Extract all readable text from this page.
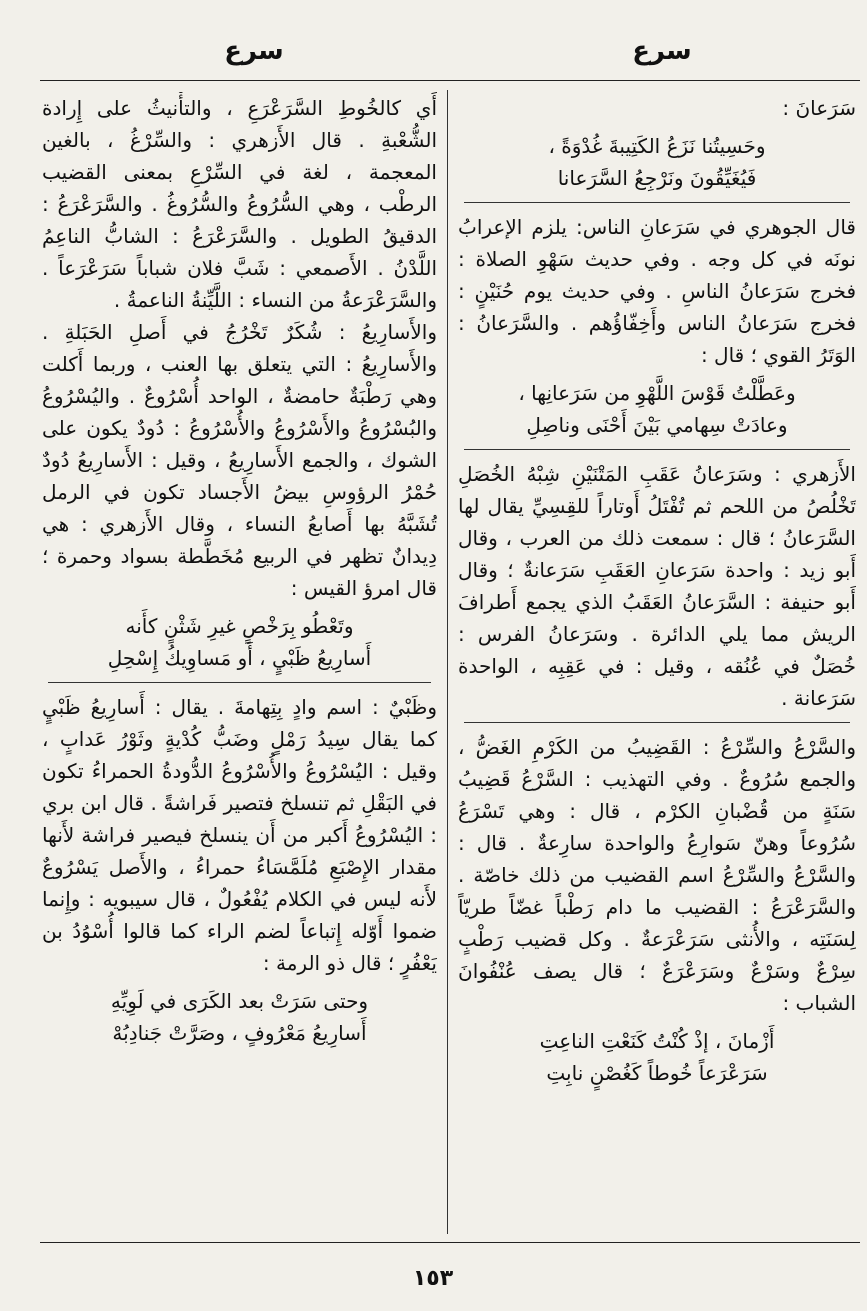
سرع	سرع

سَرَعانَ :

وحَسِيتُنا نَزَعُ الكَتِيبةَ غُدْوَةً ،
فَيُغَيِّقُونَ ونَرْجِعُ السَّرَعانا

قال الجوهري في سَرَعانِ الناس: يلزم الإعرابُ نونَه في كل وجه . وفي حديث سَهْوِ الصلاة : فخرج سَرَعانُ الناسِ . وفي حديث يوم حُنَيْنٍ : فخرج سَرَعانُ الناس وأَخِفّاؤُهم . والسَّرَعانُ : الوَتَرُ القوي ؛ قال :

وعَطَّلْتُ قَوْسَ اللَّهْوِ من سَرَعانِها ،
وعادَتْ سِهامي بَيْنَ أَحْنَى وناصِلِ

الأَزهري : وسَرَعانُ عَقَبِ المَتْنَيْنِ شِبْهُ الخُصَلِ تَخْلُصُ من اللحم ثم تُفْتَلُ أَوتاراً للقِسِيِّ يقال لها السَّرَعانُ ؛ قال : سمعت ذلك من العرب ، وقال أَبو زيد : واحدة سَرَعانِ العَقَبِ سَرَعانةٌ ؛ وقال أَبو حنيفة : السَّرَعانُ العَقَبُ الذي يجمع أَطرافَ الريش مما يلي الدائرة . وسَرَعانُ الفرس : خُصَلٌ في عُنُقه ، وقيل : في عَقِبِه ، الواحدة سَرَعانة .

والسَّرْعُ والسِّرْعُ : القَضِيبُ من الكَرْمِ الغَضُّ ، والجمع سُرُوعٌ . وفي التهذيب : السَّرْعُ قَضِيبُ سَنَةٍ من قُضْبانِ الكرْم ، قال : وهي تَسْرَعُ سُرُوعاً وهنّ سَوارِعُ والواحدة سارِعةٌ . قال : والسَّرْعُ والسِّرْعُ اسم القضيب من ذلك خاصّة . والسَّرَعْرَعُ : القضيب ما دام رَطْباً غضّاً طريّاً لِسَنَتِه ، والأُنثى سَرَعْرَعةٌ . وكل قضيب رَطْبٍ سِرْعٌ وسَرْعٌ وسَرَعْرَعٌ ؛ قال يصف عُنْفُوانَ الشباب :

أَزْمانَ ، إذْ كُنْتُ كَنَعْتِ الناعِتِ
سَرَعْرَعاً خُوطاً كَغُصْنٍ نابِتِ

أَي كالخُوطِ السَّرَعْرَعِ ، والتأْنيثُ على إِرادة الشُّعْبةِ . قال الأَزهري : والسِّرْغُ ، بالغين المعجمة ، لغة في السِّرْعِ بمعنى القضيب الرطْب ، وهي السُّرُوعُ والسُّرُوغُ . والسَّرَعْرَعُ : الدقيقُ الطويل . والسَّرَعْرَعُ : الشابُّ الناعِمُ اللَّدْنُ . الأَصمعي : شَبَّ فلان شباباً سَرَعْرَعاً . والسَّرَعْرَعةُ من النساء : اللَّيِّنةُ الناعمةُ .

والأَسارِيعُ : شُكَرٌ تَخْرُجُ في أَصلِ الحَبَلةِ . والأَسارِيعُ : التي يتعلق بها العنب ، وربما أَكلت وهي رَطْبَةٌ حامضةٌ ، الواحد أُسْرُوعٌ . واليُسْرُوعُ والبُسْرُوعُ والأَسْرُوعُ والأُسْرُوعُ : دُودٌ يكون على الشوك ، والجمع الأَسارِيعُ ، وقيل : الأَسارِيعُ دُودٌ حُمْرُ الرؤوسِ بيضُ الأَجساد تكون في الرمل تُشَبَّهُ بها أَصابعُ النساء ، وقال الأَزهري : هي دِيدانٌ تظهر في الربيع مُخَطَّطة بسواد وحمرة ؛ قال امرؤ القيس :

وتَعْطُو بِرَخْصٍ غيرِ شَثْنٍ كأَنه
أَسارِيعُ ظَبْيٍ ، أَو مَساوِيكُ إِسْحِلِ

وظَبْيٌ : اسم وادٍ بِتِهامةَ . يقال : أَسارِيعُ ظَبْيٍ كما يقال سِيدُ رَمْلٍ وضَبُّ كُدْيةٍ وثَوْرُ عَدابٍ ، وقيل : اليُسْرُوعُ والأُسْرُوعُ الدُّودةُ الحمراءُ تكون في البَقْلِ ثم تنسلخ فتصير فَراشةً . قال ابن بري : اليُسْرُوعُ أَكبر من أَن ينسلخ فيصير فراشة لأَنها مقدار الإِصْبَعِ مُلَمَّسَاءُ حمراءُ ، والأَصل يَسْرُوعٌ لأَنه ليس في الكلام يُفْعُولٌ ، قال سيبويه : وإِنما ضموا أَوّله إِتباعاً لضم الراء كما قالوا أُسْوُدُ بن يَعْفُرٍ ؛ قال ذو الرمة :

وحتى سَرَتْ بعد الكَرَى في لَوِيِّهِ
أَسارِيعُ مَعْرُوفٍ ، وصَرَّتْ جَنادِبُهْ
١٥٣
